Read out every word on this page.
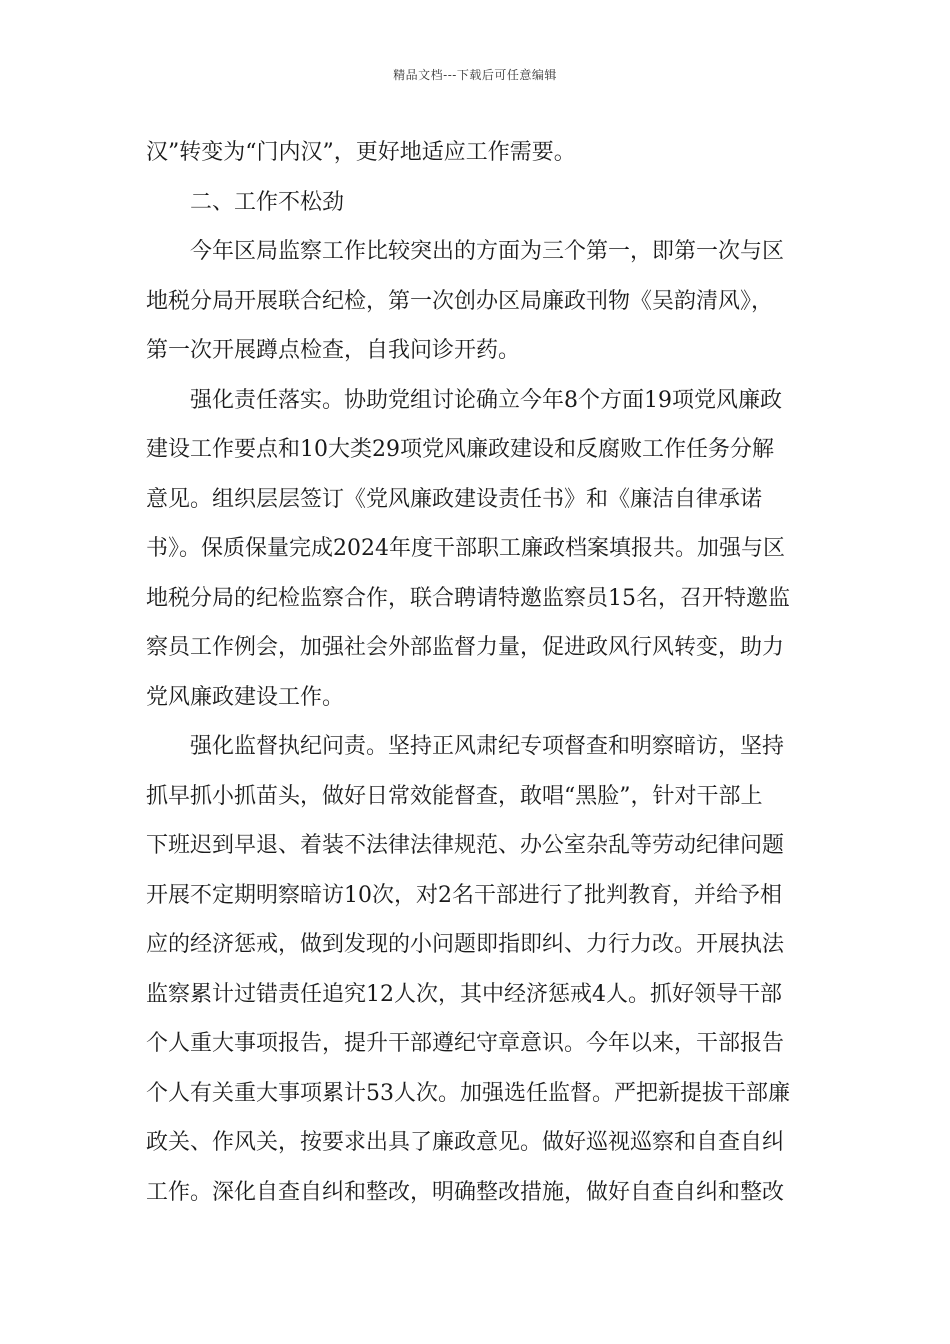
精品文档---下载后可任意编辑
汉”转变为“门内汉”，更好地适应工作需要。
二、工作不松劲
今年区局监察工作比较突出的方面为三个第一，即第一次与区
地税分局开展联合纪检，第一次创办区局廉政刊物《吴韵清风》，
第一次开展蹲点检查，自我问诊开药。
强化责任落实。协助党组讨论确立今年8个方面19项党风廉政
建设工作要点和10大类29项党风廉政建设和反腐败工作任务分解
意见。组织层层签订《党风廉政建设责任书》和《廉洁自律承诺
书》。保质保量完成2024年度干部职工廉政档案填报共。加强与区
地税分局的纪检监察合作，联合聘请特邀监察员15名，召开特邀监
察员工作例会，加强社会外部监督力量，促进政风行风转变，助力
党风廉政建设工作。
强化监督执纪问责。坚持正风肃纪专项督查和明察暗访，坚持
抓早抓小抓苗头，做好日常效能督查，敢唱“黑脸”，针对干部上
下班迟到早退、着装不法律法律规范、办公室杂乱等劳动纪律问题
开展不定期明察暗访10次，对2名干部进行了批判教育，并给予相
应的经济惩戒，做到发现的小问题即指即纠、力行力改。开展执法
监察累计过错责任追究12人次，其中经济惩戒4人。抓好领导干部
个人重大事项报告，提升干部遵纪守章意识。今年以来，干部报告
个人有关重大事项累计53人次。加强选任监督。严把新提拔干部廉
政关、作风关，按要求出具了廉政意见。做好巡视巡察和自查自纠
工作。深化自查自纠和整改，明确整改措施，做好自查自纠和整改
